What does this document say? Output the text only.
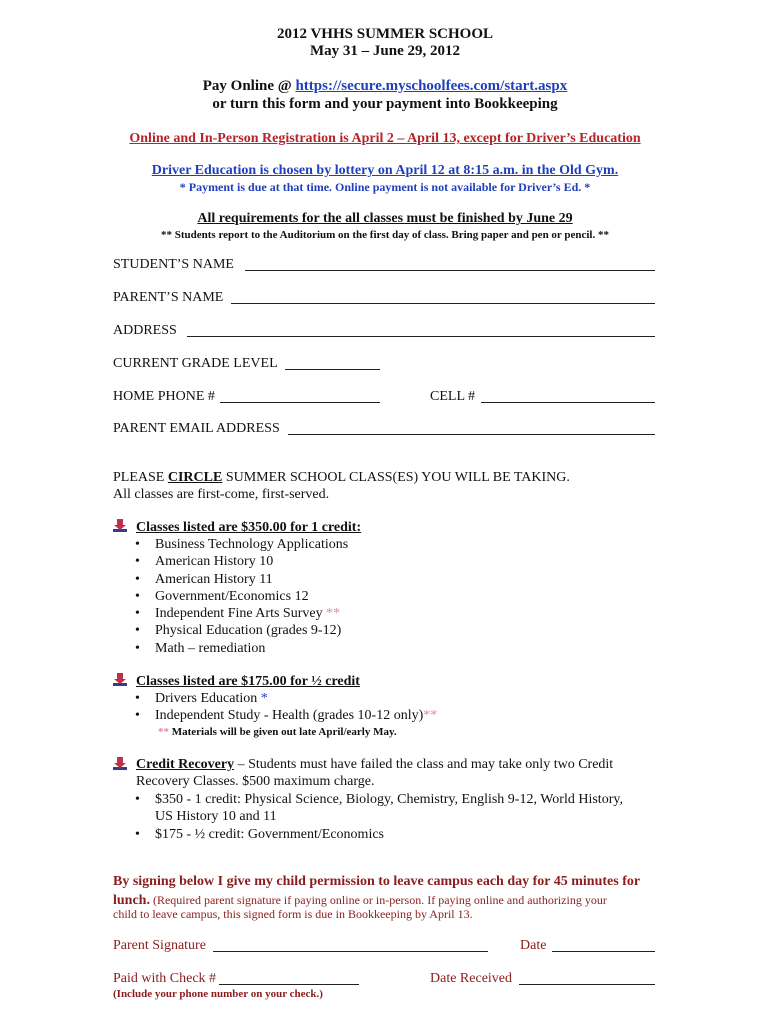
2012 VHHS SUMMER SCHOOL
May 31 – June 29, 2012
Pay Online @ https://secure.myschoolfees.com/start.aspx
or turn this form and your payment into Bookkeeping
Online and In-Person Registration is April 2 – April 13, except for Driver’s Education
Driver Education is chosen by lottery on April 12 at 8:15 a.m. in the Old Gym.
* Payment is due at that time. Online payment is not available for Driver’s Ed. *
All requirements for the all classes must be finished by June 29
** Students report to the Auditorium on the first day of class. Bring paper and pen or pencil. **
STUDENT’S NAME
PARENT’S NAME
ADDRESS
CURRENT GRADE LEVEL
HOME PHONE #	CELL #
PARENT EMAIL ADDRESS
PLEASE CIRCLE SUMMER SCHOOL CLASS(ES) YOU WILL BE TAKING.
All classes are first-come, first-served.
Classes listed are $350.00 for 1 credit:
• Business Technology Applications
• American History 10
• American History 11
• Government/Economics 12
• Independent Fine Arts Survey **
• Physical Education (grades 9-12)
• Math – remediation
Classes listed are $175.00 for ½ credit
• Drivers Education *
• Independent Study - Health (grades 10-12 only)**
** Materials will be given out late April/early May.
Credit Recovery – Students must have failed the class and may take only two Credit
Recovery Classes. $500 maximum charge.
• $350 - 1 credit: Physical Science, Biology, Chemistry, English 9-12, World History,
US History 10 and 11
• $175 - ½ credit: Government/Economics
By signing below I give my child permission to leave campus each day for 45 minutes for
lunch. (Required parent signature if paying online or in-person. If paying online and authorizing your
child to leave campus, this signed form is due in Bookkeeping by April 13.
Parent Signature	Date
Paid with Check #	Date Received
(Include your phone number on your check.)
